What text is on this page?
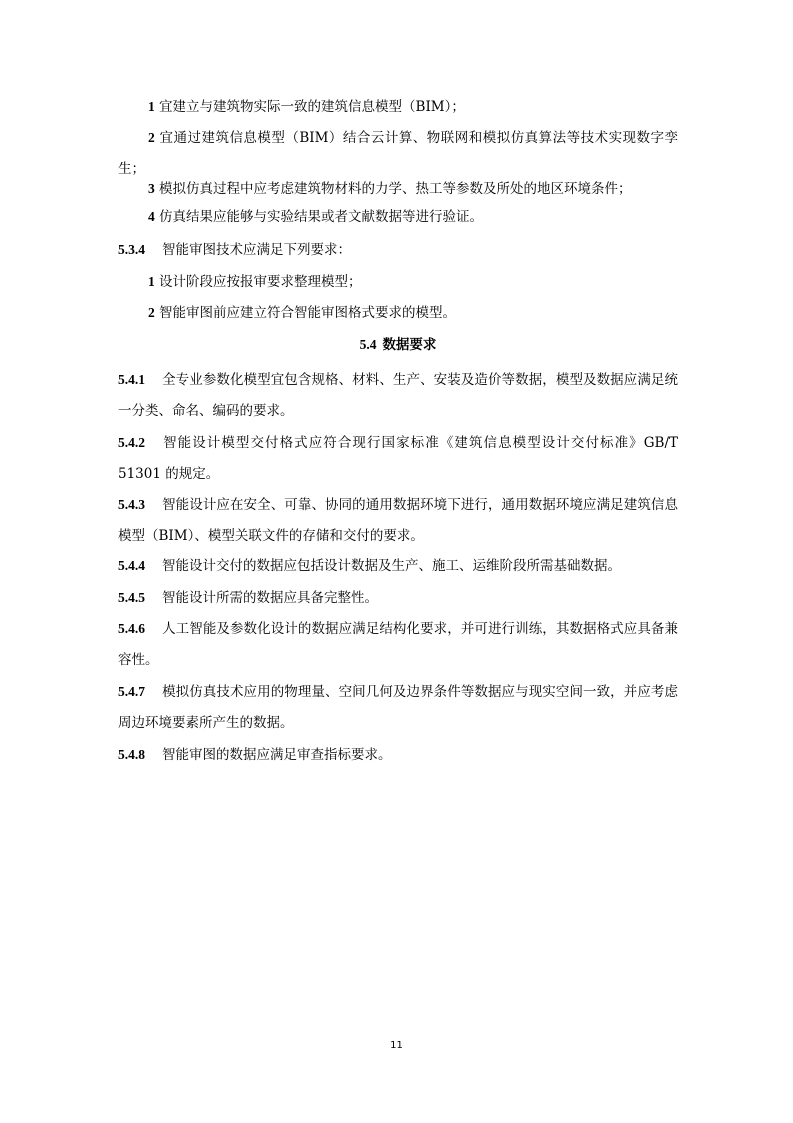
1 宜建立与建筑物实际一致的建筑信息模型（BIM）；

2 宜通过建筑信息模型（BIM）结合云计算、物联网和模拟仿真算法等技术实现数字孪生；

3 模拟仿真过程中应考虑建筑物材料的力学、热工等参数及所处的地区环境条件；

4 仿真结果应能够与实验结果或者文献数据等进行验证。

5.3.4 智能审图技术应满足下列要求：

1 设计阶段应按报审要求整理模型；

2 智能审图前应建立符合智能审图格式要求的模型。

5.4 数据要求

5.4.1 全专业参数化模型宜包含规格、材料、生产、安装及造价等数据，模型及数据应满足统一分类、命名、编码的要求。

5.4.2 智能设计模型交付格式应符合现行国家标准《建筑信息模型设计交付标准》GB/T 51301 的规定。

5.4.3 智能设计应在安全、可靠、协同的通用数据环境下进行，通用数据环境应满足建筑信息模型（BIM）、模型关联文件的存储和交付的要求。

5.4.4 智能设计交付的数据应包括设计数据及生产、施工、运维阶段所需基础数据。

5.4.5 智能设计所需的数据应具备完整性。

5.4.6 人工智能及参数化设计的数据应满足结构化要求，并可进行训练，其数据格式应具备兼容性。

5.4.7 模拟仿真技术应用的物理量、空间几何及边界条件等数据应与现实空间一致，并应考虑周边环境要素所产生的数据。

5.4.8 智能审图的数据应满足审查指标要求。

11
